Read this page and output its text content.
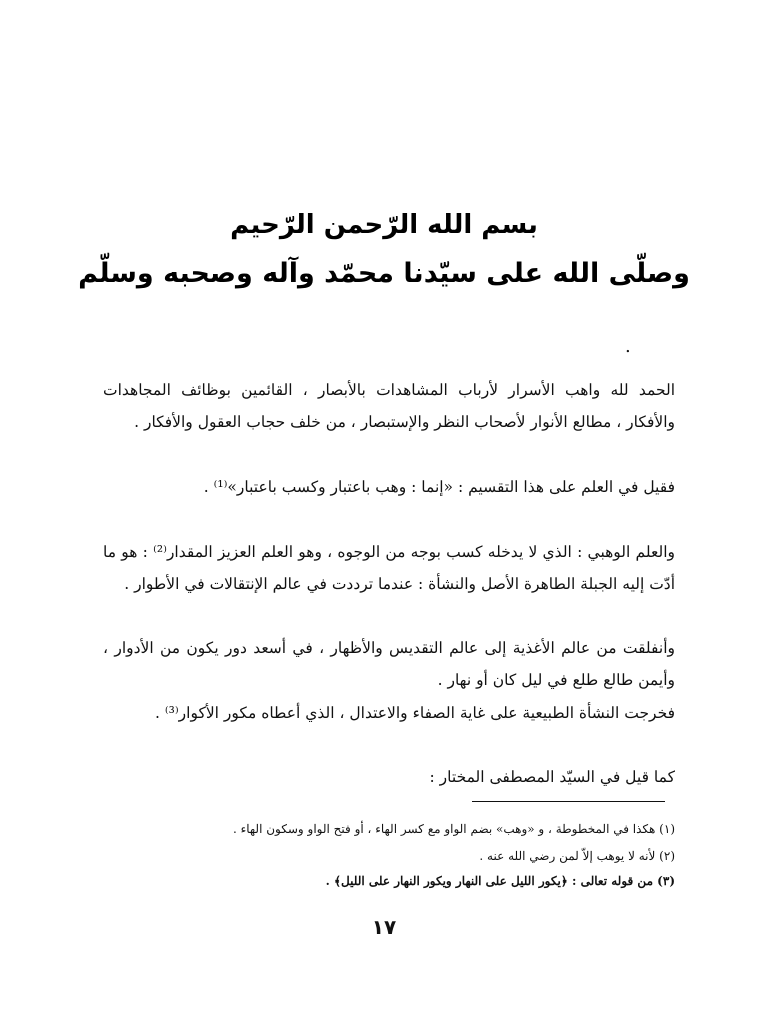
بسم الله الرّحمن الرّحيم
وصلّى الله على سيّدنا محمّد وآله وصحبه وسلّم
.
الحمد لله واهب الأسرار لأرباب المشاهدات بالأبصار ، القائمين بوظائف المجاهدات والأفكار ، مطالع الأنوار لأصحاب النظر والإستبصار ، من خلف حجاب العقول والأفكار .
فقيل في العلم على هذا التقسيم : «إنما : وهب باعتبار وكسب باعتبار»⁽¹⁾ .
والعلم الوهبي : الذي لا يدخله كسب بوجه من الوجوه ، وهو العلم العزيز المقدار⁽²⁾ : هو ما أدّت إليه الجبلة الطاهرة الأصل والنشأة : عندما ترددت في عالم الإنتقالات في الأطوار .
وأنفلقت من عالم الأغذية إلى عالم التقديس والأظهار ، في أسعد دور يكون من الأدوار ، وأيمن طالع طلع في ليل كان أو نهار .
فخرجت النشأة الطبيعية على غاية الصفاء والاعتدال ، الذي أعطاه مكور الأكوار⁽³⁾ .
كما قيل في السيّد المصطفى المختار :
(١) هكذا في المخطوطة ، و «وهب» بضم الواو مع كسر الهاء ، أو فتح الواو وسكون الهاء .
(٢) لأنه لا يوهب إلاّ لمن رضي الله عنه .
(٣) من قوله تعالى : ﴿يكور الليل على النهار ويكور النهار على الليل﴾ .
١٧
